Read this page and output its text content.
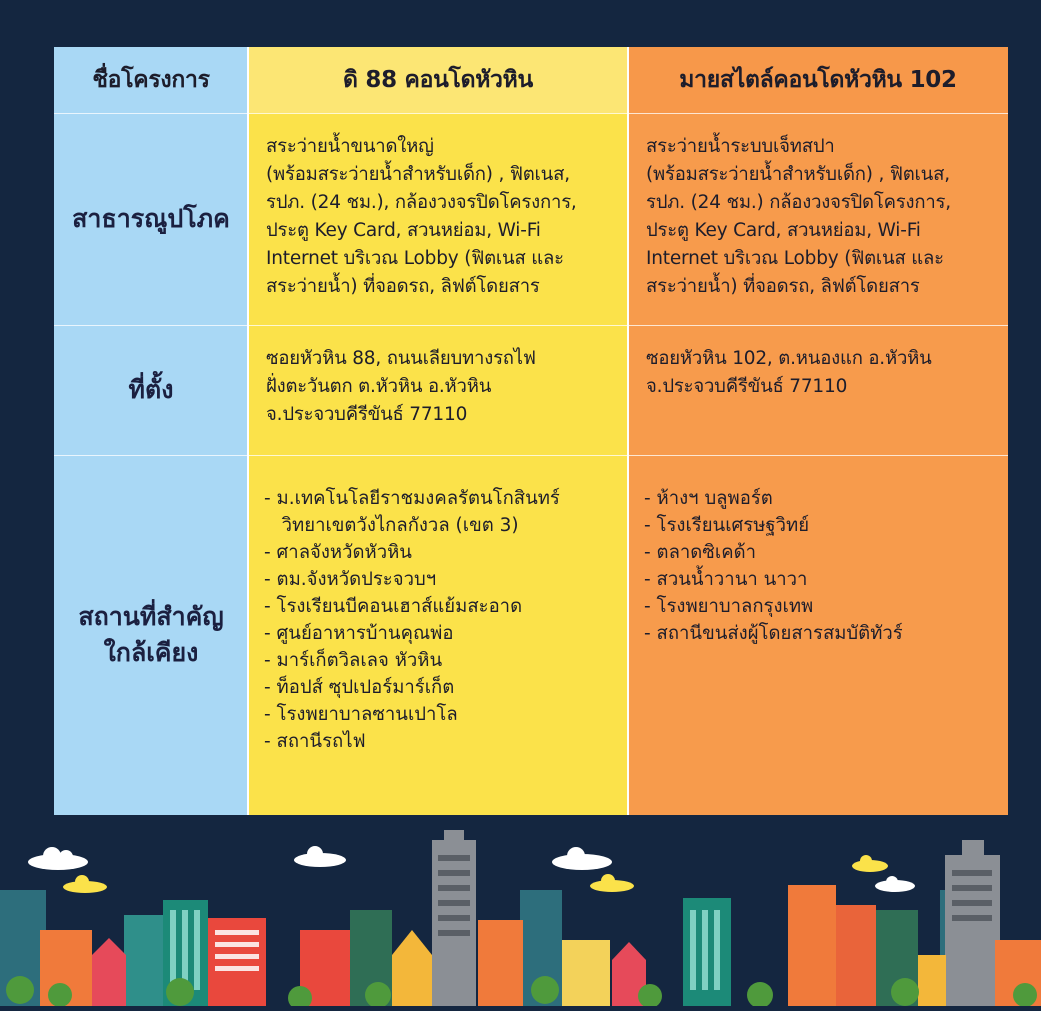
ชื่อโครงการ	ดิ 88 คอนโดหัวหิน	มายสไตล์คอนโดหัวหิน 102
สาธารณูปโภค
สระว่ายน้ำขนาดใหญ่
(พร้อมสระว่ายน้ำสำหรับเด็ก) , ฟิตเนส,
รปภ. (24 ชม.), กล้องวงจรปิดโครงการ,
ประตู Key Card, สวนหย่อม, Wi-Fi
Internet บริเวณ Lobby (ฟิตเนส และ
สระว่ายน้ำ) ที่จอดรถ, ลิฟต์โดยสาร
สระว่ายน้ำระบบเจ็ทสปา
(พร้อมสระว่ายน้ำสำหรับเด็ก) , ฟิตเนส,
รปภ. (24 ชม.) กล้องวงจรปิดโครงการ,
ประตู Key Card, สวนหย่อม, Wi-Fi
Internet บริเวณ Lobby (ฟิตเนส และ
สระว่ายน้ำ) ที่จอดรถ, ลิฟต์โดยสาร
ที่ตั้ง
ซอยหัวหิน 88, ถนนเลียบทางรถไฟ
ฝั่งตะวันตก ต.หัวหิน อ.หัวหิน
จ.ประจวบคีรีขันธ์ 77110
ซอยหัวหิน 102, ต.หนองแก อ.หัวหิน
จ.ประจวบคีรีขันธ์ 77110
สถานที่สำคัญ
ใกล้เคียง
- ม.เทคโนโลยีราชมงคลรัตนโกสินทร์
วิทยาเขตวังไกลกังวล (เขต 3)
- ศาลจังหวัดหัวหิน
- ตม.จังหวัดประจวบฯ
- โรงเรียนบีคอนเฮาส์แย้มสะอาด
- ศูนย์อาหารบ้านคุณพ่อ
- มาร์เก็ตวิลเลจ หัวหิน
- ท็อปส์ ซุปเปอร์มาร์เก็ต
- โรงพยาบาลซานเปาโล
- สถานีรถไฟ
- ห้างฯ บลูพอร์ต
- โรงเรียนเศรษฐวิทย์
- ตลาดซิเคด้า
- สวนน้ำวานา นาวา
- โรงพยาบาลกรุงเทพ
- สถานีขนส่งผู้โดยสารสมบัติทัวร์
